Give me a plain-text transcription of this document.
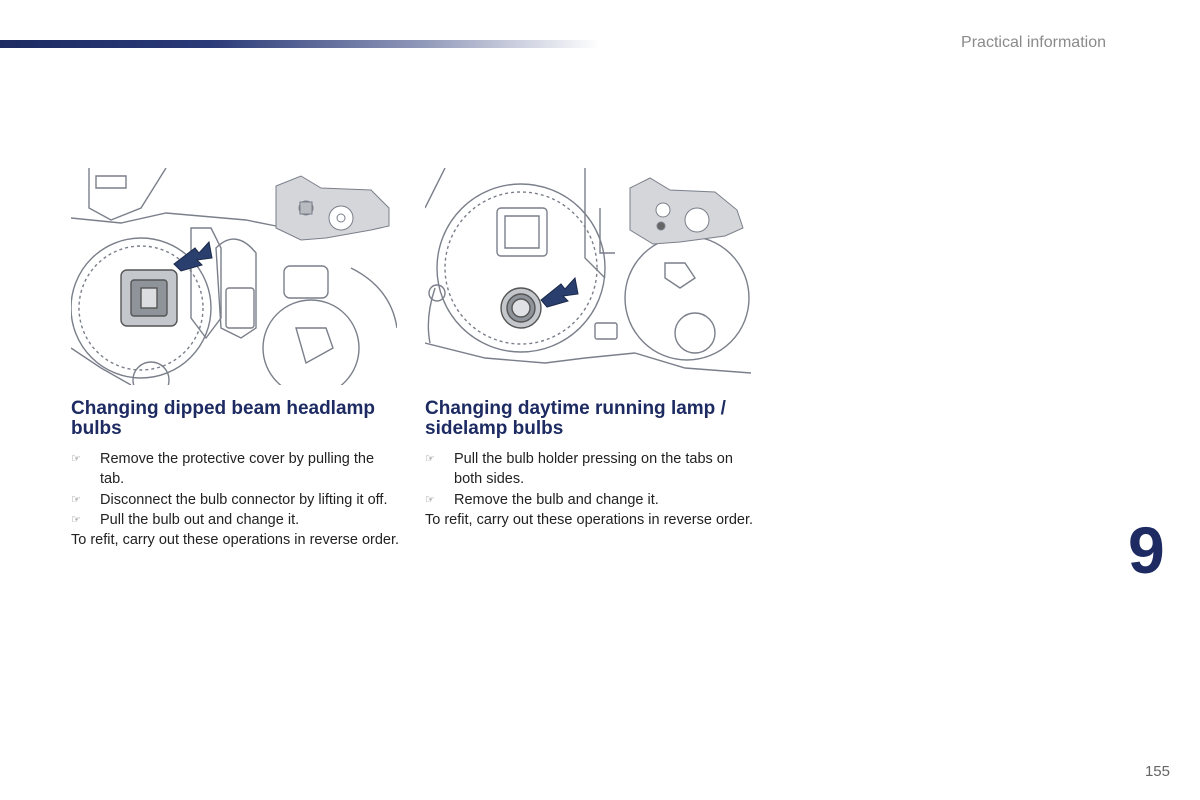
Practical information
Changing dipped beam headlamp bulbs
☞ Remove the protective cover by pulling the tab.
☞ Disconnect the bulb connector by lifting it off.
☞ Pull the bulb out and change it.

To refit, carry out these operations in reverse order.

Changing daytime running lamp / sidelamp bulbs
☞ Pull the bulb holder pressing on the tabs on both sides.
☞ Remove the bulb and change it.

To refit, carry out these operations in reverse order.	9
155
